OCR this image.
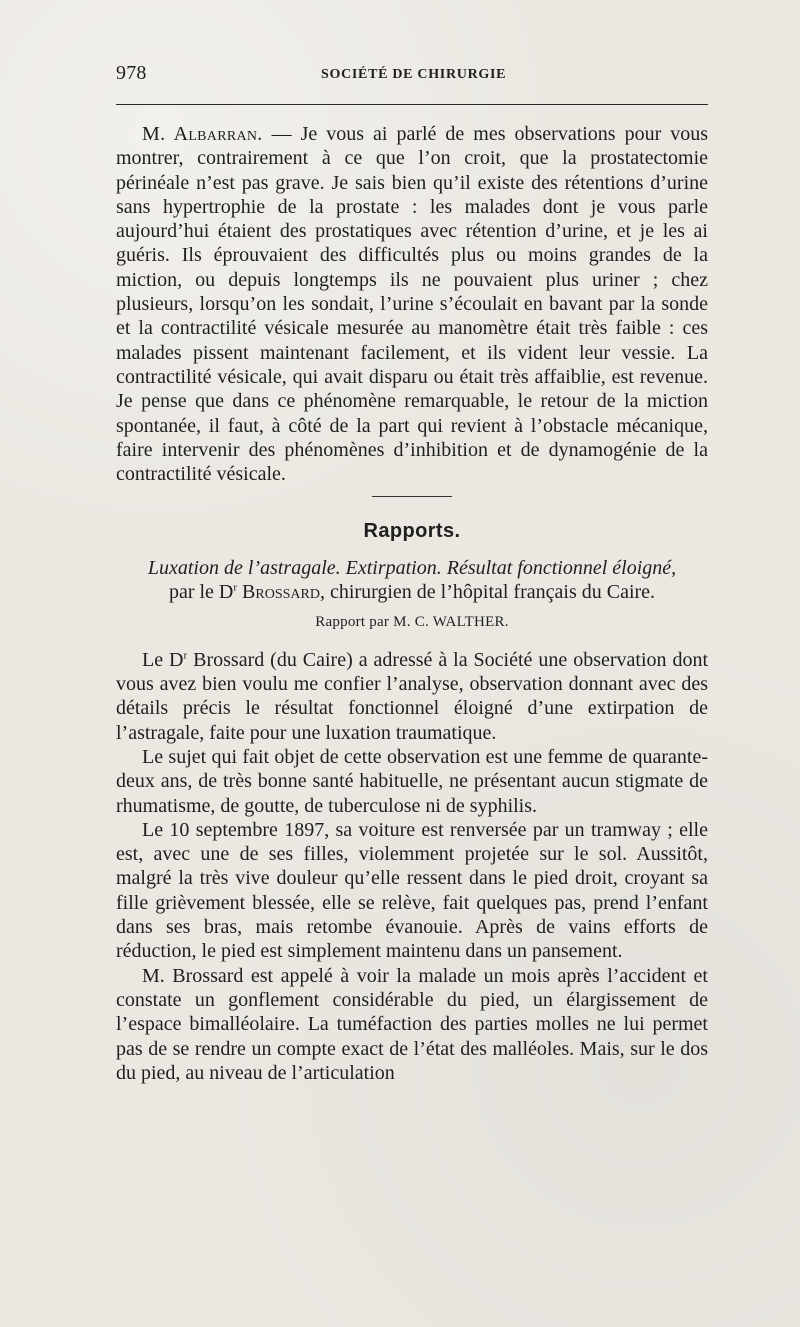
978	SOCIÉTÉ DE CHIRURGIE

M. Albarran. — Je vous ai parlé de mes observations pour vous montrer, contrairement à ce que l’on croit, que la prostatectomie périnéale n’est pas grave. Je sais bien qu’il existe des rétentions d’urine sans hypertrophie de la prostate : les malades dont je vous parle aujourd’hui étaient des prostatiques avec rétention d’urine, et je les ai guéris. Ils éprouvaient des difficultés plus ou moins grandes de la miction, ou depuis longtemps ils ne pouvaient plus uriner ; chez plusieurs, lorsqu’on les sondait, l’urine s’écoulait en bavant par la sonde et la contractilité vésicale mesurée au manomètre était très faible : ces malades pissent maintenant facilement, et ils vident leur vessie. La contractilité vésicale, qui avait disparu ou était très affaiblie, est revenue. Je pense que dans ce phénomène remarquable, le retour de la miction spontanée, il faut, à côté de la part qui revient à l’obstacle mécanique, faire intervenir des phénomènes d’inhibition et de dynamogénie de la contractilité vésicale.

Rapports.
Luxation de l’astragale. Extirpation. Résultat fonctionnel éloigné,
par le $D^r$ Brossard, chirurgien de l’hôpital français du Caire.
Rapport par M. C. WALTHER.

Le $D^r$ Brossard (du Caire) a adressé à la Société une observation dont vous avez bien voulu me confier l’analyse, observation donnant avec des détails précis le résultat fonctionnel éloigné d’une extirpation de l’astragale, faite pour une luxation traumatique.

Le sujet qui fait objet de cette observation est une femme de quarante-deux ans, de très bonne santé habituelle, ne présentant aucun stigmate de rhumatisme, de goutte, de tuberculose ni de syphilis.

Le 10 septembre 1897, sa voiture est renversée par un tramway ; elle est, avec une de ses filles, violemment projetée sur le sol. Aussitôt, malgré la très vive douleur qu’elle ressent dans le pied droit, croyant sa fille grièvement blessée, elle se relève, fait quelques pas, prend l’enfant dans ses bras, mais retombe évanouie. Après de vains efforts de réduction, le pied est simplement maintenu dans un pansement.

M. Brossard est appelé à voir la malade un mois après l’accident et constate un gonflement considérable du pied, un élargissement de l’espace bimalléolaire. La tuméfaction des parties molles ne lui permet pas de se rendre un compte exact de l’état des malléoles. Mais, sur le dos du pied, au niveau de l’articulation
